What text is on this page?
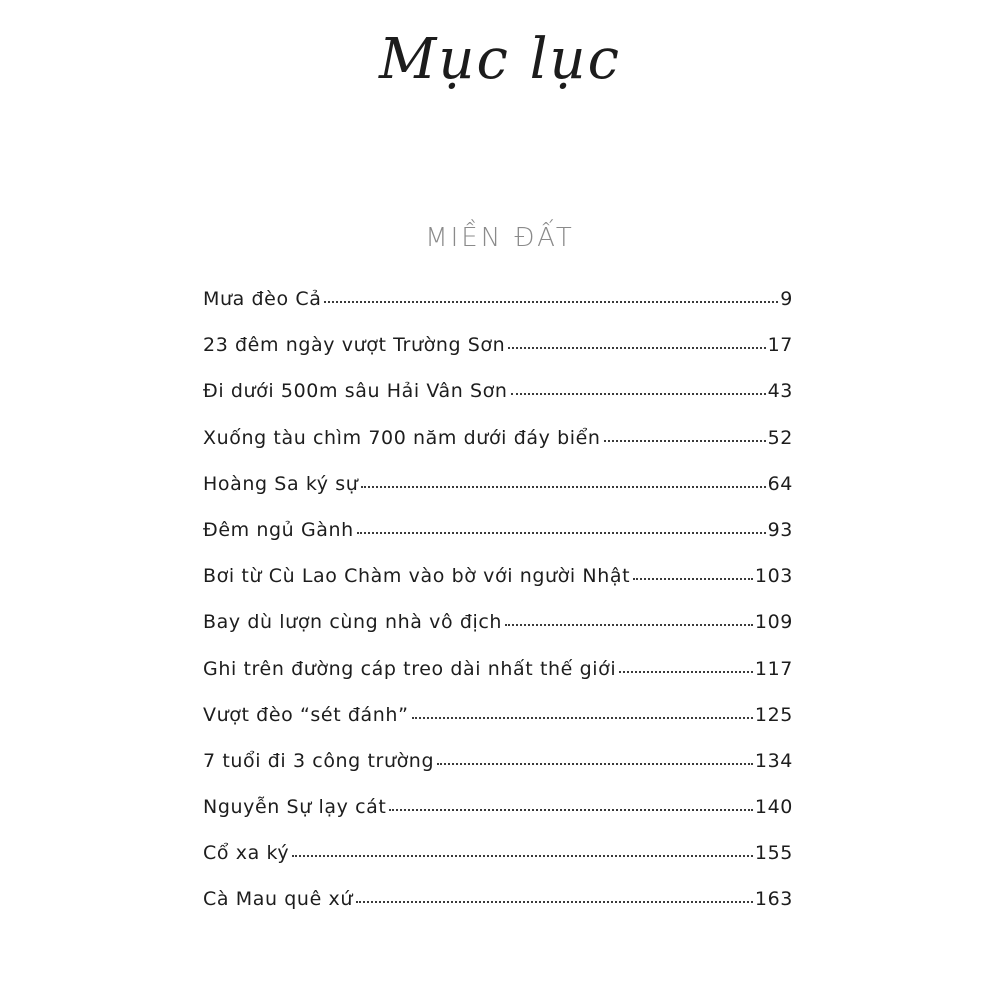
Mục lục
MIỀN ĐẤT
Mưa đèo Cả	9
23 đêm ngày vượt Trường Sơn	17
Đi dưới 500m sâu Hải Vân Sơn	43
Xuống tàu chìm 700 năm dưới đáy biển	52
Hoàng Sa ký sự	64
Đêm ngủ Gành	93
Bơi từ Cù Lao Chàm vào bờ với người Nhật	103
Bay dù lượn cùng nhà vô địch	109
Ghi trên đường cáp treo dài nhất thế giới	117
Vượt đèo “sét đánh”	125
7 tuổi đi 3 công trường	134
Nguyễn Sự lạy cát	140
Cổ xa ký	155
Cà Mau quê xứ	163
